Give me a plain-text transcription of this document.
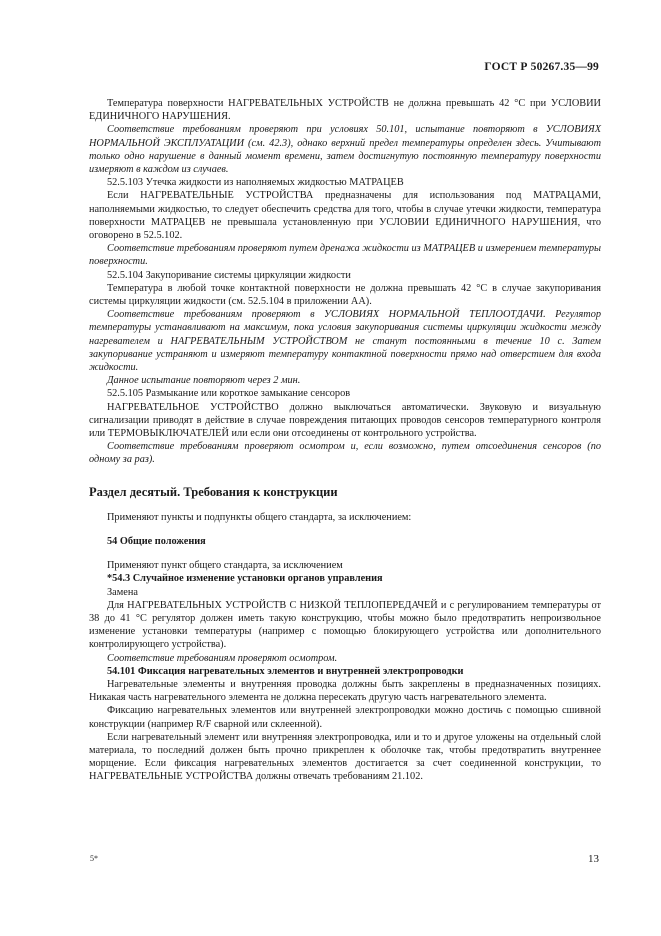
ГОСТ Р 50267.35—99

Температура поверхности НАГРЕВАТЕЛЬНЫХ УСТРОЙСТВ не должна превышать 42 °С при УСЛОВИИ ЕДИНИЧНОГО НАРУШЕНИЯ.

Соответствие требованиям проверяют при условиях 50.101, испытание повторяют в УСЛОВИЯХ НОРМАЛЬНОЙ ЭКСПЛУАТАЦИИ (см. 42.3), однако верхний предел температуры определен здесь. Учитывают только одно нарушение в данный момент времени, затем достигнутую постоянную температуру поверхности измеряют в каждом из случаев.

52.5.103 Утечка жидкости из наполняемых жидкостью МАТРАЦЕВ

Если НАГРЕВАТЕЛЬНЫЕ УСТРОЙСТВА предназначены для использования под МАТРАЦАМИ, наполняемыми жидкостью, то следует обеспечить средства для того, чтобы в случае утечки жидкости, температура поверхности МАТРАЦЕВ не превышала установленную при УСЛОВИИ ЕДИНИЧНОГО НАРУШЕНИЯ, что оговорено в 52.5.102.

Соответствие требованиям проверяют путем дренажа жидкости из МАТРАЦЕВ и измерением температуры поверхности.

52.5.104 Закупоривание системы циркуляции жидкости

Температура в любой точке контактной поверхности не должна превышать 42 °С в случае закупоривания системы циркуляции жидкости (см. 52.5.104 в приложении АА).

Соответствие требованиям проверяют в УСЛОВИЯХ НОРМАЛЬНОЙ ТЕПЛООТДАЧИ. Регулятор температуры устанавливают на максимум, пока условия закупоривания системы циркуляции жидкости между нагревателем и НАГРЕВАТЕЛЬНЫМ УСТРОЙСТВОМ не станут постоянными в течение 10 с. Затем закупоривание устраняют и измеряют температуру контактной поверхности прямо над отверстием для входа жидкости.

Данное испытание повторяют через 2 мин.

52.5.105 Размыкание или короткое замыкание сенсоров

НАГРЕВАТЕЛЬНОЕ УСТРОЙСТВО должно выключаться автоматически. Звуковую и визуальную сигнализации приводят в действие в случае повреждения питающих проводов сенсоров температурного контроля или ТЕРМОВЫКЛЮЧАТЕЛЕЙ или если они отсоединены от контрольного устройства.

Соответствие требованиям проверяют осмотром и, если возможно, путем отсоединения сенсоров (по одному за раз).

Раздел десятый. Требования к конструкции

Применяют пункты и подпункты общего стандарта, за исключением:

54 Общие положения

Применяют пункт общего стандарта, за исключением

*54.3 Случайное изменение установки органов управления

Замена

Для НАГРЕВАТЕЛЬНЫХ УСТРОЙСТВ С НИЗКОЙ ТЕПЛОПЕРЕДАЧЕЙ и с регулированием температуры от 38 до 41 °С регулятор должен иметь такую конструкцию, чтобы можно было предотвратить непроизвольное изменение установки температуры (например с помощью блокирующего устройства или дополнительного контролирующего устройства).

Соответствие требованиям проверяют осмотром.

54.101 Фиксация нагревательных элементов и внутренней электропроводки

Нагревательные элементы и внутренняя проводка должны быть закреплены в предназначенных позициях. Никакая часть нагревательного элемента не должна пересекать другую часть нагревательного элемента.

Фиксацию нагревательных элементов или внутренней электропроводки можно достичь с помощью сшивной конструкции (например R/F сварной или склеенной).

Если нагревательный элемент или внутренняя электропроводка, или и то и другое уложены на отдельный слой материала, то последний должен быть прочно прикреплен к оболочке так, чтобы предотвратить внутреннее морщение. Если фиксация нагревательных элементов достигается за счет соединенной конструкции, то НАГРЕВАТЕЛЬНЫЕ УСТРОЙСТВА должны отвечать требованиям 21.102.

5*	13
